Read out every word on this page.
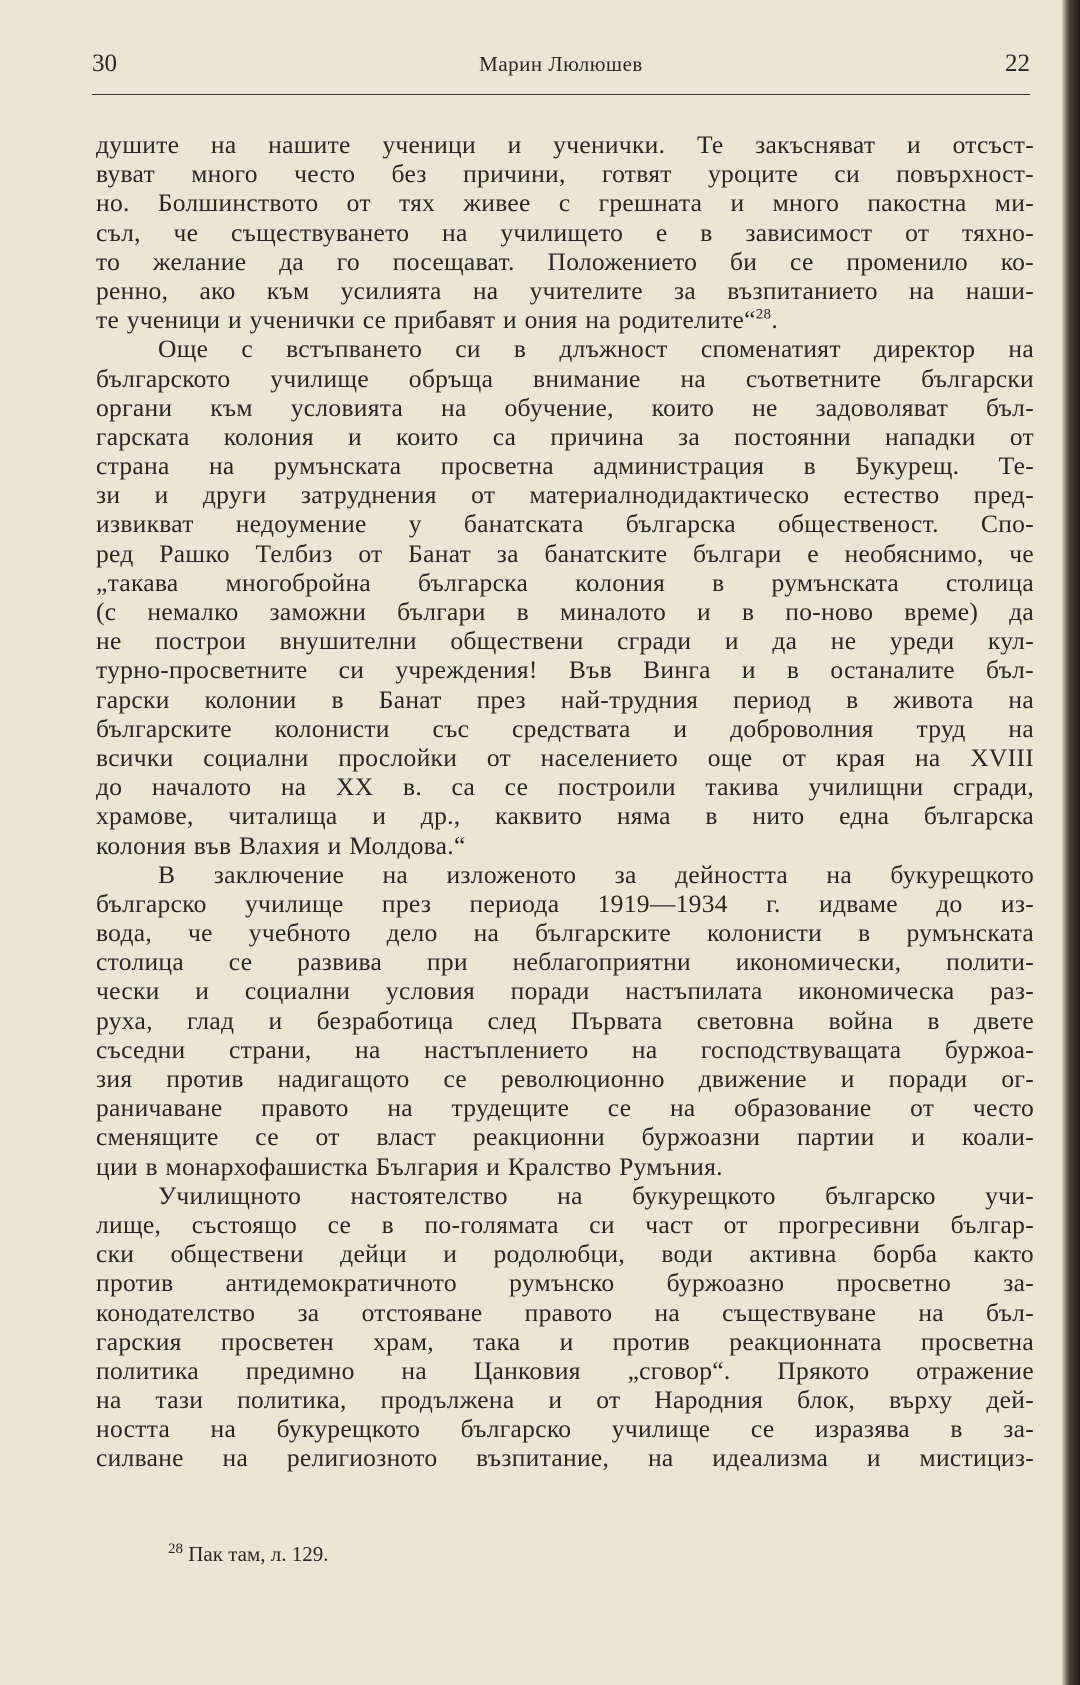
30	Марин Люлюшев	22
душите на нашите ученици и ученички. Те закъсняват и отсъст-
вуват много често без причини, готвят уроците си повърхност-
но. Болшинството от тях живее с грешната и много пакостна ми-
съл, че съществуването на училището е в зависимост от тяхно-
то желание да го посещават. Положението би се променило ко-
ренно, ако към усилията на учителите за възпитанието на наши-
те ученици и ученички се прибавят и ония на родителите“$^{28}$.
Още с встъпването си в длъжност споменатият директор на
българското училище обръща внимание на съответните български
органи към условията на обучение, които не задоволяват бъл-
гарската колония и които са причина за постоянни нападки от
страна на румънската просветна администрация в Букурещ. Те-
зи и други затруднения от материалнодидактическо естество пред-
извикват недоумение у банатската българска общественост. Спо-
ред Рашко Телбиз от Банат за банатските българи е необяснимо, че
„такава многобройна българска колония в румънската столица
(с немалко заможни българи в миналото и в по-ново време) да
не построи внушителни обществени сгради и да не уреди кул-
турно-просветните си учреждения! Във Винга и в останалите бъл-
гарски колонии в Банат през най-трудния период в живота на
българските колонисти със средствата и доброволния труд на
всички социални прослойки от населението още от края на XVIII
до началото на XX в. са се построили такива училищни сгради,
храмове, читалища и др., каквито няма в нито една българска
колония във Влахия и Молдова.“
В заключение на изложеното за дейността на букурещкото
българско училище през периода 1919—1934 г. идваме до из-
вода, че учебното дело на българските колонисти в румънската
столица се развива при неблагоприятни икономически, полити-
чески и социални условия поради настъпилата икономическа раз-
руха, глад и безработица след Първата световна война в двете
съседни страни, на настъплението на господствуващата буржоа-
зия против надигащото се революционно движение и поради ог-
раничаване правото на трудещите се на образование от често
сменящите се от власт реакционни буржоазни партии и коали-
ции в монархофашистка България и Кралство Румъния.
Училищното настоятелство на букурещкото българско учи-
лище, състоящо се в по-голямата си част от прогресивни българ-
ски обществени дейци и родолюбци, води активна борба както
против антидемократичното румънско буржоазно просветно за-
конодателство за отстояване правото на съществуване на бъл-
гарския просветен храм, така и против реакционната просветна
политика предимно на Цанковия „сговор“. Прякото отражение
на тази политика, продължена и от Народния блок, върху дей-
ността на букурещкото българско училище се изразява в за-
силване на религиозното възпитание, на идеализма и мистициз-
$^{28}$ Пак там, л. 129.
